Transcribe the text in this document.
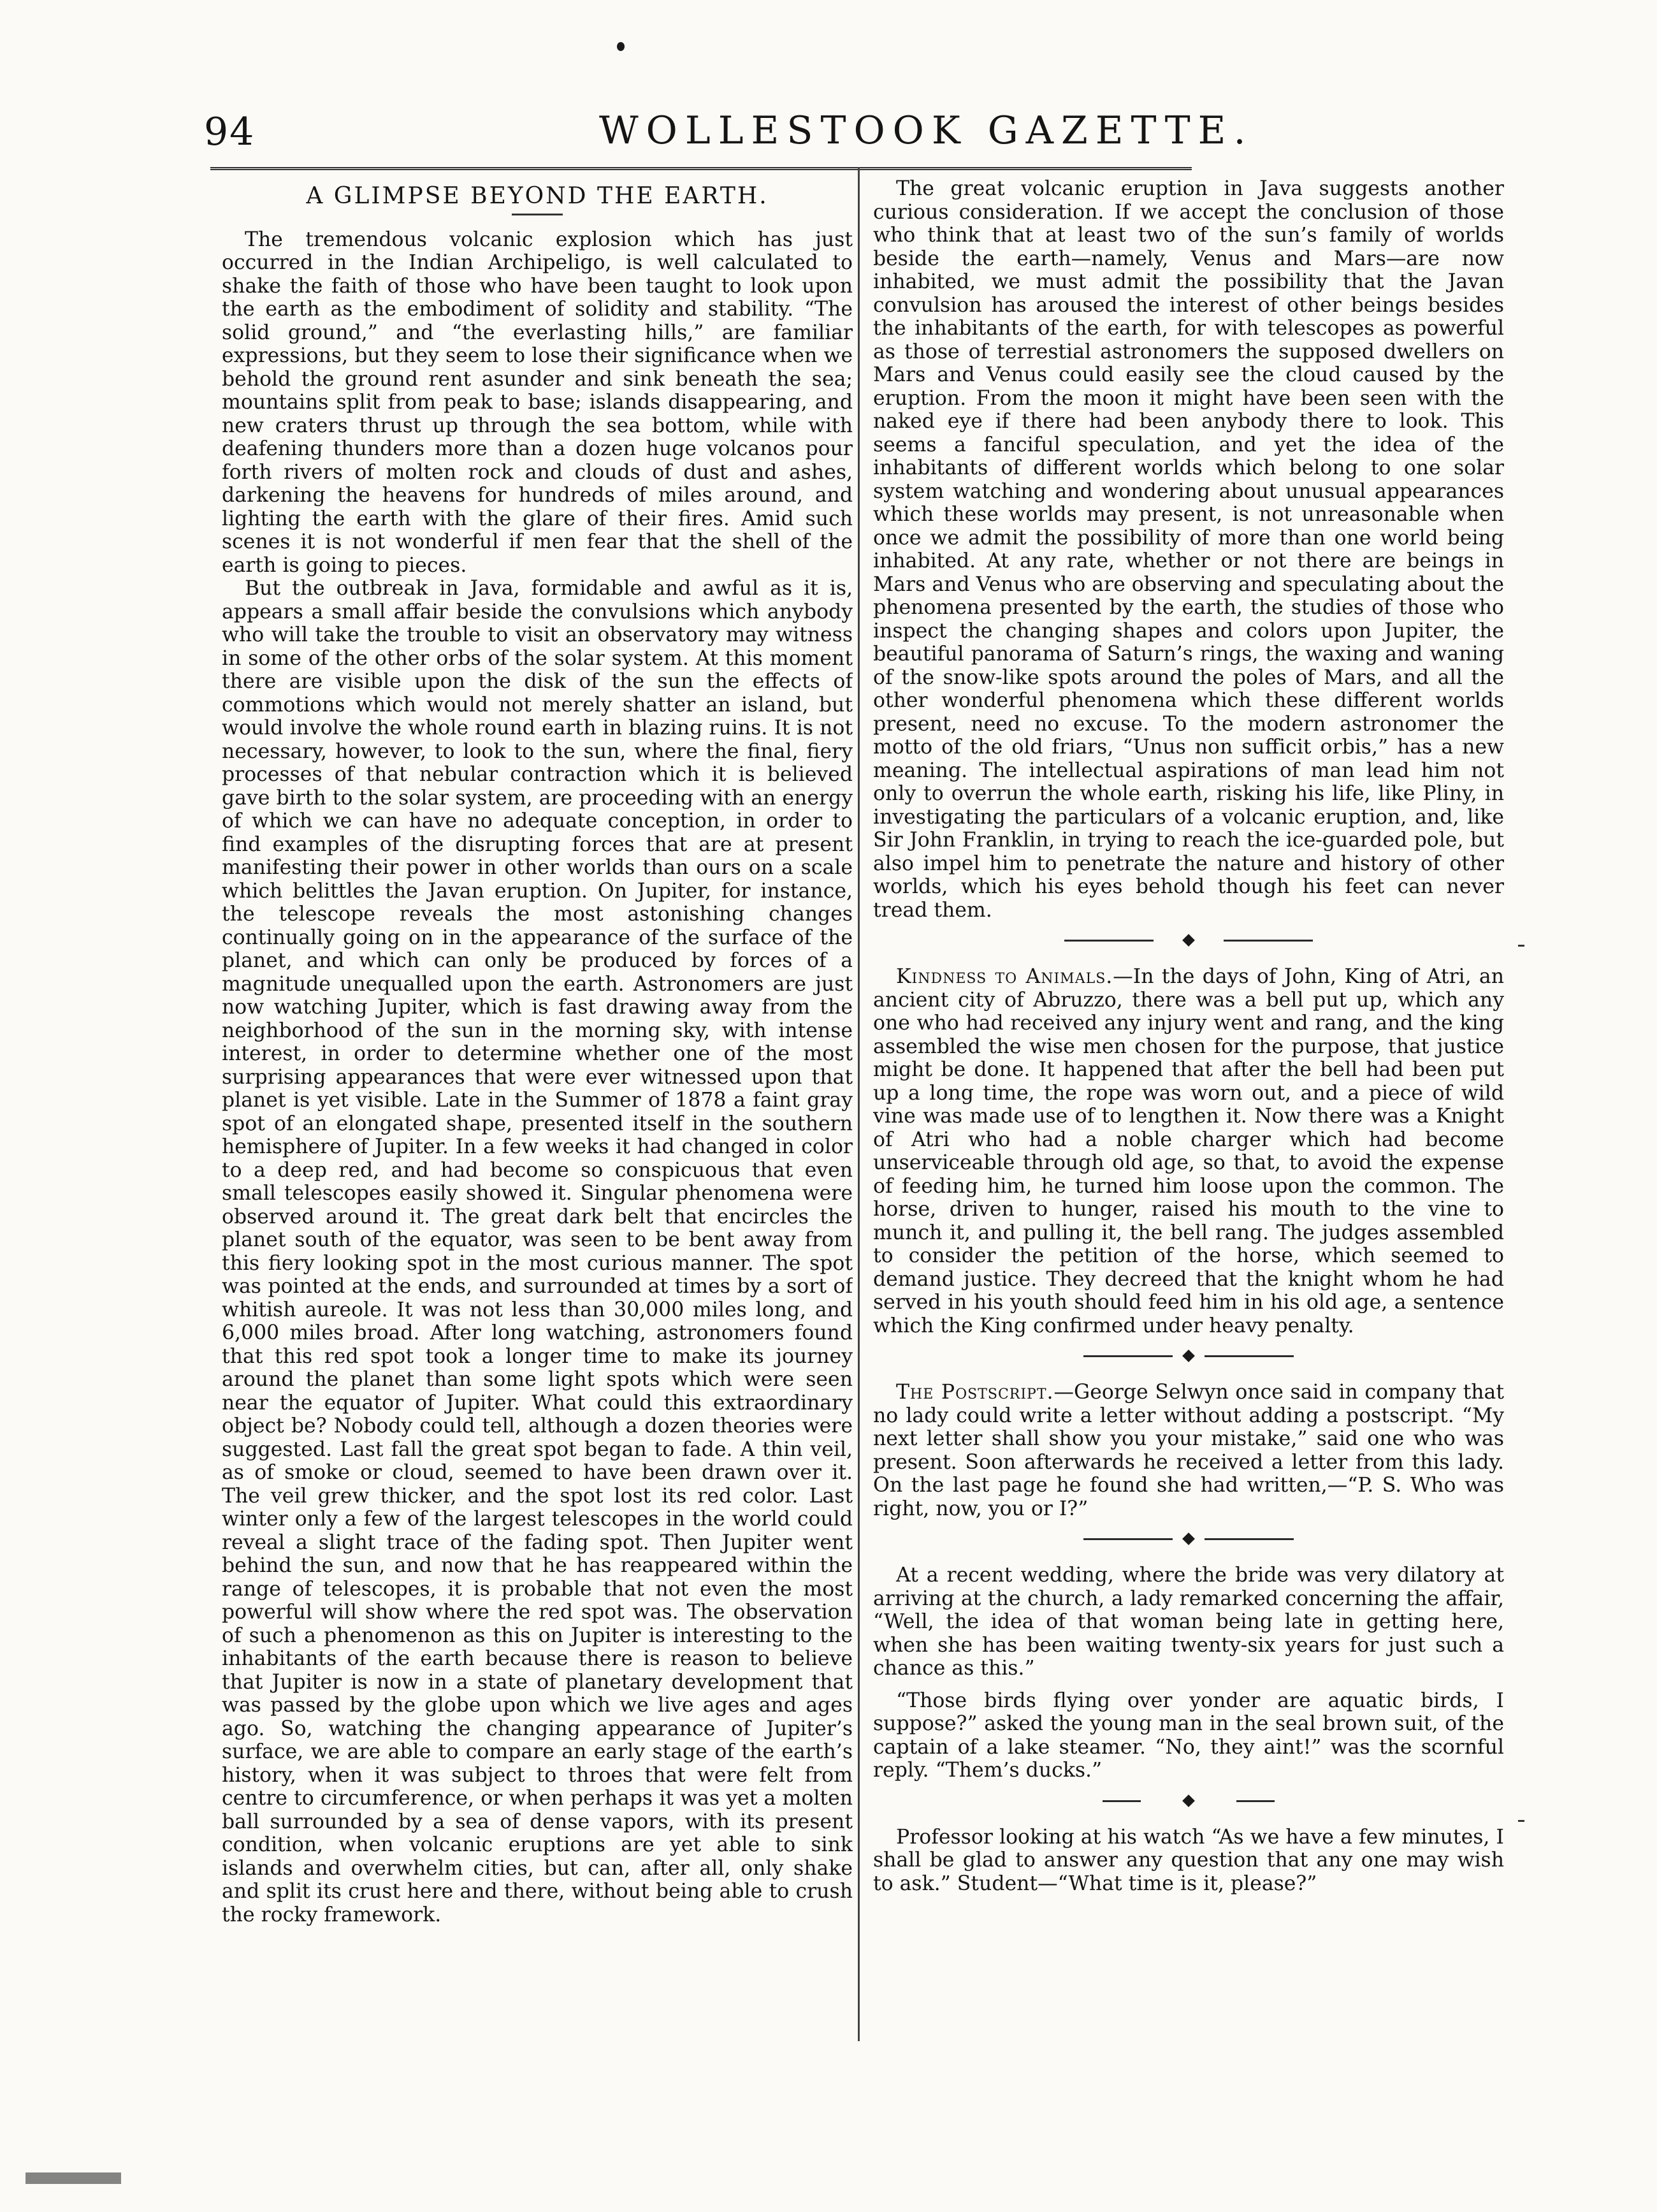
94	WOLLESTOOK GAZETTE.
A GLIMPSE BEYOND THE EARTH.

The tremendous volcanic explosion which has just occurred in the Indian Archipeligo, is well calculated to shake the faith of those who have been taught to look upon the earth as the embodiment of solidity and stability. “The solid ground,” and “the everlasting hills,” are familiar expressions, but they seem to lose their significance when we behold the ground rent asunder and sink beneath the sea; mountains split from peak to base; islands disappearing, and new craters thrust up through the sea bottom, while with deafening thunders more than a dozen huge volcanos pour forth rivers of molten rock and clouds of dust and ashes, darkening the heavens for hundreds of miles around, and lighting the earth with the glare of their fires. Amid such scenes it is not wonderful if men fear that the shell of the earth is going to pieces.

But the outbreak in Java, formidable and awful as it is, appears a small affair beside the convulsions which anybody who will take the trouble to visit an observatory may witness in some of the other orbs of the solar system. At this moment there are visible upon the disk of the sun the effects of commotions which would not merely shatter an island, but would involve the whole round earth in blazing ruins. It is not necessary, however, to look to the sun, where the final, fiery processes of that nebular contraction which it is believed gave birth to the solar system, are proceeding with an energy of which we can have no adequate conception, in order to find examples of the disrupting forces that are at present manifesting their power in other worlds than ours on a scale which belittles the Javan eruption. On Jupiter, for instance, the telescope reveals the most astonishing changes continually going on in the appearance of the surface of the planet, and which can only be produced by forces of a magnitude unequalled upon the earth. Astronomers are just now watching Jupiter, which is fast drawing away from the neighborhood of the sun in the morning sky, with intense interest, in order to determine whether one of the most surprising appearances that were ever witnessed upon that planet is yet visible. Late in the Summer of 1878 a faint gray spot of an elongated shape, presented itself in the southern hemisphere of Jupiter. In a few weeks it had changed in color to a deep red, and had become so conspicuous that even small telescopes easily showed it. Singular phenomena were observed around it. The great dark belt that encircles the planet south of the equator, was seen to be bent away from this fiery looking spot in the most curious manner. The spot was pointed at the ends, and surrounded at times by a sort of whitish aureole. It was not less than 30,000 miles long, and 6,000 miles broad. After long watching, astronomers found that this red spot took a longer time to make its journey around the planet than some light spots which were seen near the equator of Jupiter. What could this extraordinary object be? Nobody could tell, although a dozen theories were suggested. Last fall the great spot began to fade. A thin veil, as of smoke or cloud, seemed to have been drawn over it. The veil grew thicker, and the spot lost its red color. Last winter only a few of the largest telescopes in the world could reveal a slight trace of the fading spot. Then Jupiter went behind the sun, and now that he has reappeared within the range of telescopes, it is probable that not even the most powerful will show where the red spot was. The observation of such a phenomenon as this on Jupiter is interesting to the inhabitants of the earth because there is reason to believe that Jupiter is now in a state of planetary development that was passed by the globe upon which we live ages and ages ago. So, watching the changing appearance of Jupiter’s surface, we are able to compare an early stage of the earth’s history, when it was subject to throes that were felt from centre to circumference, or when perhaps it was yet a molten ball surrounded by a sea of dense vapors, with its present condition, when volcanic eruptions are yet able to sink islands and overwhelm cities, but can, after all, only shake and split its crust here and there, without being able to crush the rocky framework.

The great volcanic eruption in Java suggests another curious consideration. If we accept the conclusion of those who think that at least two of the sun’s family of worlds beside the earth—namely, Venus and Mars—are now inhabited, we must admit the possibility that the Javan convulsion has aroused the interest of other beings besides the inhabitants of the earth, for with telescopes as powerful as those of terrestial astronomers the supposed dwellers on Mars and Venus could easily see the cloud caused by the eruption. From the moon it might have been seen with the naked eye if there had been anybody there to look. This seems a fanciful speculation, and yet the idea of the inhabitants of different worlds which belong to one solar system watching and wondering about unusual appearances which these worlds may present, is not unreasonable when once we admit the possibility of more than one world being inhabited. At any rate, whether or not there are beings in Mars and Venus who are observing and speculating about the phenomena presented by the earth, the studies of those who inspect the changing shapes and colors upon Jupiter, the beautiful panorama of Saturn’s rings, the waxing and waning of the snow-like spots around the poles of Mars, and all the other wonderful phenomena which these different worlds present, need no excuse. To the modern astronomer the motto of the old friars, “Unus non sufficit orbis,” has a new meaning. The intellectual aspirations of man lead him not only to overrun the whole earth, risking his life, like Pliny, in investigating the particulars of a volcanic eruption, and, like Sir John Franklin, in trying to reach the ice-guarded pole, but also impel him to penetrate the nature and history of other worlds, which his eyes behold though his feet can never tread them.

Kindness to Animals.—In the days of John, King of Atri, an ancient city of Abruzzo, there was a bell put up, which any one who had received any injury went and rang, and the king assembled the wise men chosen for the purpose, that justice might be done. It happened that after the bell had been put up a long time, the rope was worn out, and a piece of wild vine was made use of to lengthen it. Now there was a Knight of Atri who had a noble charger which had become unserviceable through old age, so that, to avoid the expense of feeding him, he turned him loose upon the common. The horse, driven to hunger, raised his mouth to the vine to munch it, and pulling it, the bell rang. The judges assembled to consider the petition of the horse, which seemed to demand justice. They decreed that the knight whom he had served in his youth should feed him in his old age, a sentence which the King confirmed under heavy penalty.

The Postscript.—George Selwyn once said in company that no lady could write a letter without adding a postscript. “My next letter shall show you your mistake,” said one who was present. Soon afterwards he received a letter from this lady. On the last page he found she had written,—“P. S. Who was right, now, you or I?”

At a recent wedding, where the bride was very dilatory at arriving at the church, a lady remarked concerning the affair, “Well, the idea of that woman being late in getting here, when she has been waiting twenty-six years for just such a chance as this.”

“Those birds flying over yonder are aquatic birds, I suppose?” asked the young man in the seal brown suit, of the captain of a lake steamer. “No, they aint!” was the scornful reply. “Them’s ducks.”

Professor looking at his watch “As we have a few minutes, I shall be glad to answer any question that any one may wish to ask.” Student—“What time is it, please?”
